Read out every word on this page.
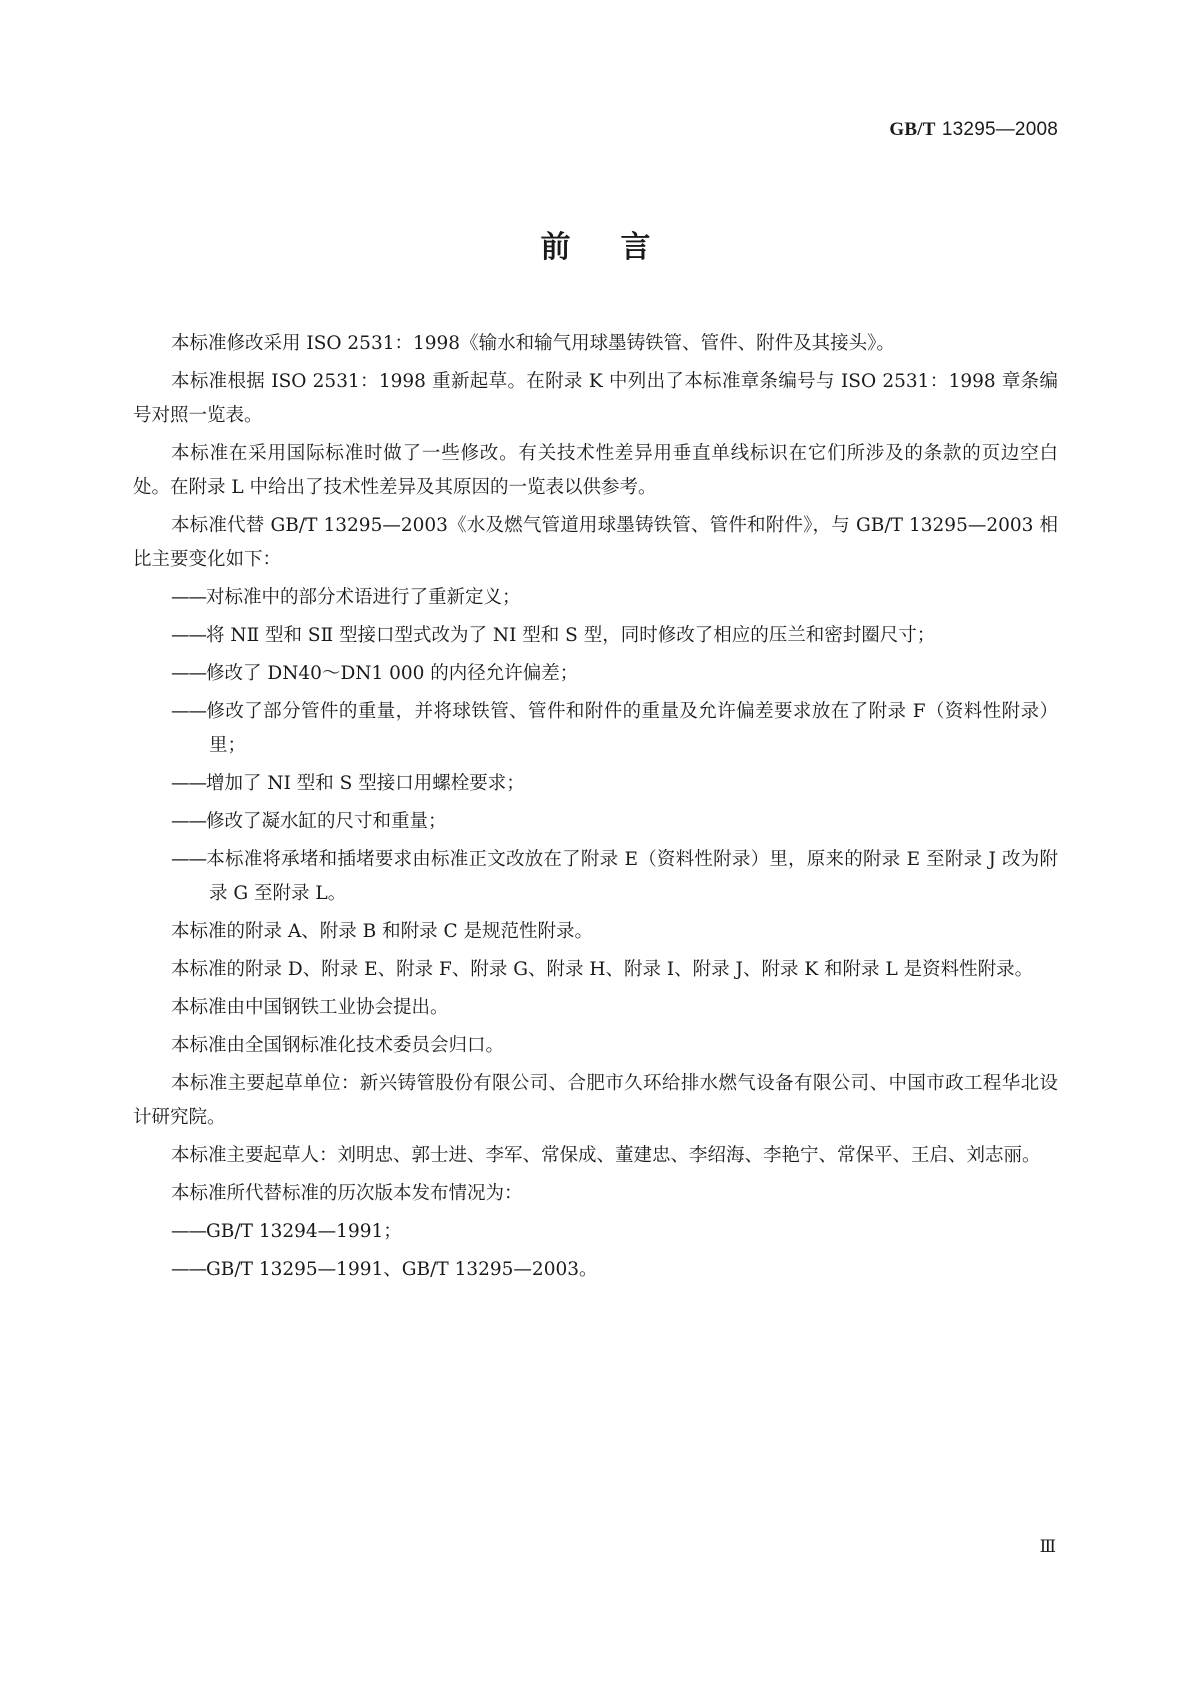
GB/T 13295—2008
前言

本标准修改采用 ISO 2531：1998《输水和输气用球墨铸铁管、管件、附件及其接头》。

本标准根据 ISO 2531：1998 重新起草。在附录 K 中列出了本标准章条编号与 ISO 2531：1998 章条编号对照一览表。

本标准在采用国际标准时做了一些修改。有关技术性差异用垂直单线标识在它们所涉及的条款的页边空白处。在附录 L 中给出了技术性差异及其原因的一览表以供参考。

本标准代替 GB/T 13295—2003《水及燃气管道用球墨铸铁管、管件和附件》，与 GB/T 13295—2003 相比主要变化如下：

——对标准中的部分术语进行了重新定义；
——将 NⅡ 型和 SⅡ 型接口型式改为了 NⅠ 型和 S 型，同时修改了相应的压兰和密封圈尺寸；
——修改了 DN40～DN1 000 的内径允许偏差；
——修改了部分管件的重量，并将球铁管、管件和附件的重量及允许偏差要求放在了附录 F（资料性附录）里；
——增加了 NⅠ 型和 S 型接口用螺栓要求；
——修改了凝水缸的尺寸和重量；
——本标准将承堵和插堵要求由标准正文改放在了附录 E（资料性附录）里，原来的附录 E 至附录 J 改为附录 G 至附录 L。

本标准的附录 A、附录 B 和附录 C 是规范性附录。

本标准的附录 D、附录 E、附录 F、附录 G、附录 H、附录 I、附录 J、附录 K 和附录 L 是资料性附录。

本标准由中国钢铁工业协会提出。

本标准由全国钢标准化技术委员会归口。

本标准主要起草单位：新兴铸管股份有限公司、合肥市久环给排水燃气设备有限公司、中国市政工程华北设计研究院。

本标准主要起草人：刘明忠、郭士进、李军、常保成、董建忠、李绍海、李艳宁、常保平、王启、刘志丽。

本标准所代替标准的历次版本发布情况为：

——GB/T 13294—1991；
——GB/T 13295—1991、GB/T 13295—2003。
Ⅲ
